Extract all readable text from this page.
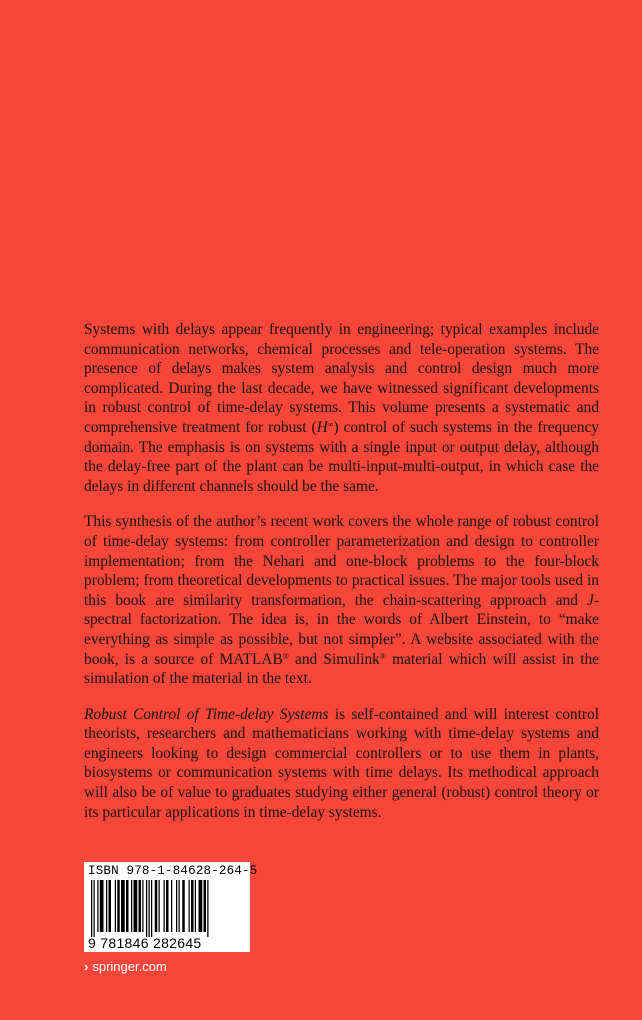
Systems with delays appear frequently in engineering; typical examples include communication networks, chemical processes and tele-operation systems. The presence of delays makes system analysis and control design much more complicated. During the last decade, we have witnessed significant developments in robust control of time-delay systems. This volume presents a systematic and comprehensive treatment for robust (H∞) control of such systems in the frequency domain. The emphasis is on systems with a single input or output delay, although the delay-free part of the plant can be multi-input-multi-output, in which case the delays in different channels should be the same.

This synthesis of the author’s recent work covers the whole range of robust control of time-delay systems: from controller parameterization and design to controller implementation; from the Nehari and one-block problems to the four-block problem; from theoretical developments to practical issues. The major tools used in this book are similarity transformation, the chain-scattering approach and J-spectral factorization. The idea is, in the words of Albert Einstein, to “make everything as simple as possible, but not simpler”. A website associated with the book, is a source of MATLAB® and Simulink® material which will assist in the simulation of the material in the text.

Robust Control of Time-delay Systems is self-contained and will interest control theorists, researchers and mathematicians working with time-delay systems and engineers looking to design commercial controllers or to use them in plants, biosystems or communication systems with time delays. Its methodical approach will also be of value to graduates studying either general (robust) control theory or its particular applications in time-delay systems.

ISBN 978-1-84628-264-5
9 781846 282645
› springer.com
